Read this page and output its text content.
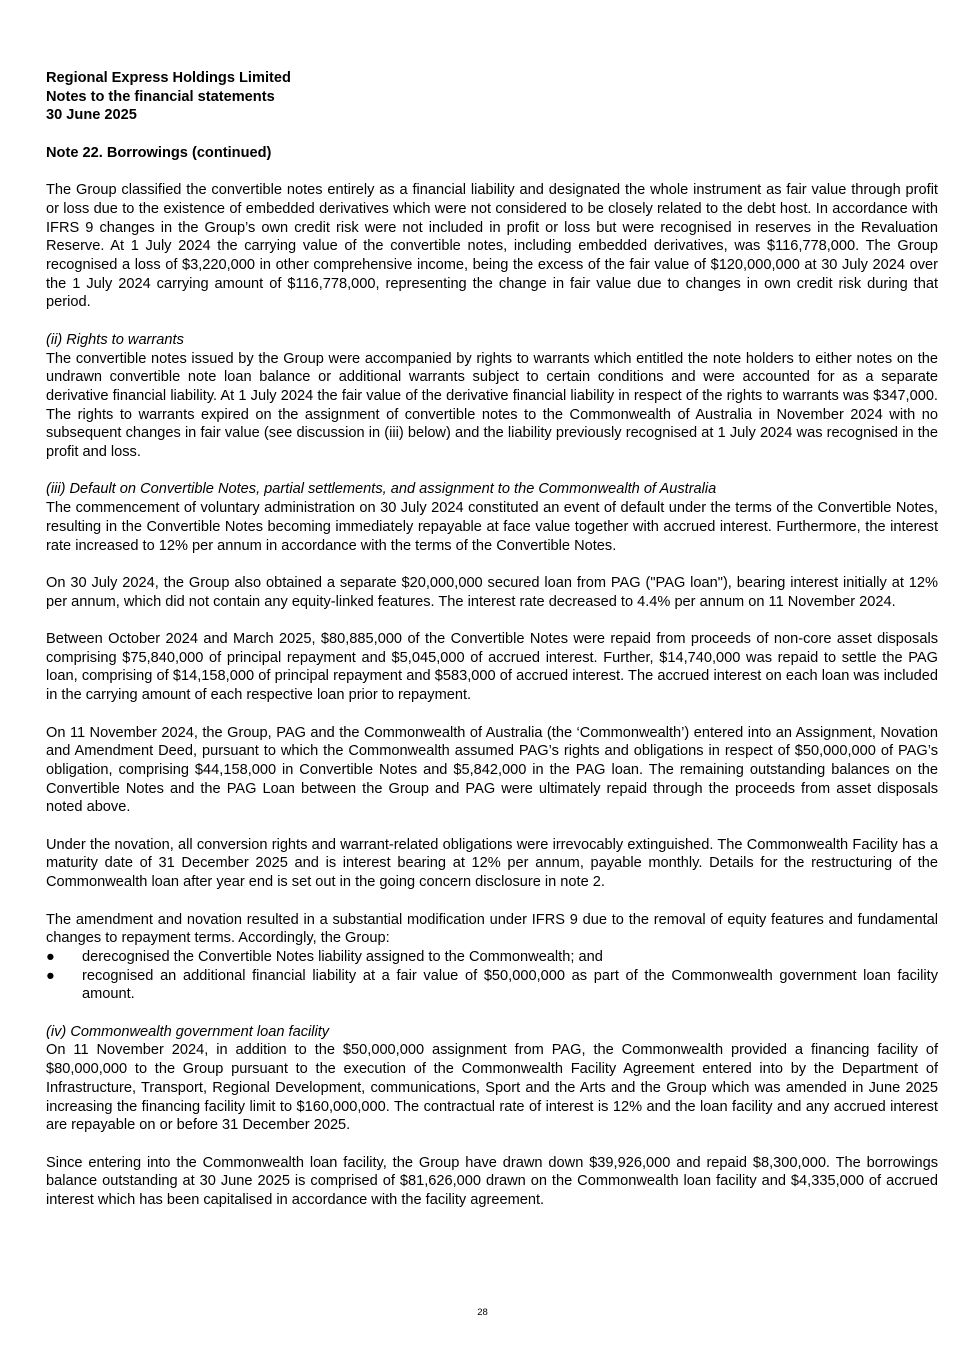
Regional Express Holdings Limited
Notes to the financial statements
30 June 2025
Note 22. Borrowings (continued)

The Group classified the convertible notes entirely as a financial liability and designated the whole instrument as fair value through profit or loss due to the existence of embedded derivatives which were not considered to be closely related to the debt host. In accordance with IFRS 9 changes in the Group’s own credit risk were not included in profit or loss but were recognised in reserves in the Revaluation Reserve. At 1 July 2024 the carrying value of the convertible notes, including embedded derivatives, was $116,778,000. The Group recognised a loss of $3,220,000 in other comprehensive income, being the excess of the fair value of $120,000,000 at 30 July 2024 over the 1 July 2024 carrying amount of $116,778,000, representing the change in fair value due to changes in own credit risk during that period.

(ii) Rights to warrants

The convertible notes issued by the Group were accompanied by rights to warrants which entitled the note holders to either notes on the undrawn convertible note loan balance or additional warrants subject to certain conditions and were accounted for as a separate derivative financial liability. At 1 July 2024 the fair value of the derivative financial liability in respect of the rights to warrants was $347,000. The rights to warrants expired on the assignment of convertible notes to the Commonwealth of Australia in November 2024 with no subsequent changes in fair value (see discussion in (iii) below) and the liability previously recognised at 1 July 2024 was recognised in the profit and loss.

(iii) Default on Convertible Notes, partial settlements, and assignment to the Commonwealth of Australia

The commencement of voluntary administration on 30 July 2024 constituted an event of default under the terms of the Convertible Notes, resulting in the Convertible Notes becoming immediately repayable at face value together with accrued interest. Furthermore, the interest rate increased to 12% per annum in accordance with the terms of the Convertible Notes.

On 30 July 2024, the Group also obtained a separate $20,000,000 secured loan from PAG ("PAG loan"), bearing interest initially at 12% per annum, which did not contain any equity-linked features. The interest rate decreased to 4.4% per annum on 11 November 2024.

Between October 2024 and March 2025, $80,885,000 of the Convertible Notes were repaid from proceeds of non-core asset disposals comprising $75,840,000 of principal repayment and $5,045,000 of accrued interest. Further, $14,740,000 was repaid to settle the PAG loan, comprising of $14,158,000 of principal repayment and $583,000 of accrued interest. The accrued interest on each loan was included in the carrying amount of each respective loan prior to repayment.

On 11 November 2024, the Group, PAG and the Commonwealth of Australia (the ‘Commonwealth’) entered into an Assignment, Novation and Amendment Deed, pursuant to which the Commonwealth assumed PAG’s rights and obligations in respect of $50,000,000 of PAG’s obligation, comprising $44,158,000 in Convertible Notes and $5,842,000 in the PAG loan. The remaining outstanding balances on the Convertible Notes and the PAG Loan between the Group and PAG were ultimately repaid through the proceeds from asset disposals noted above.

Under the novation, all conversion rights and warrant-related obligations were irrevocably extinguished. The Commonwealth Facility has a maturity date of 31 December 2025 and is interest bearing at 12% per annum, payable monthly. Details for the restructuring of the Commonwealth loan after year end is set out in the going concern disclosure in note 2.

The amendment and novation resulted in a substantial modification under IFRS 9 due to the removal of equity features and fundamental changes to repayment terms. Accordingly, the Group:

● derecognised the Convertible Notes liability assigned to the Commonwealth; and
● recognised an additional financial liability at a fair value of $50,000,000 as part of the Commonwealth government loan facility amount.
(iv) Commonwealth government loan facility

On 11 November 2024, in addition to the $50,000,000 assignment from PAG, the Commonwealth provided a financing facility of $80,000,000 to the Group pursuant to the execution of the Commonwealth Facility Agreement entered into by the Department of Infrastructure, Transport, Regional Development, communications, Sport and the Arts and the Group which was amended in June 2025 increasing the financing facility limit to $160,000,000. The contractual rate of interest is 12% and the loan facility and any accrued interest are repayable on or before 31 December 2025.

Since entering into the Commonwealth loan facility, the Group have drawn down $39,926,000 and repaid $8,300,000. The borrowings balance outstanding at 30 June 2025 is comprised of $81,626,000 drawn on the Commonwealth loan facility and $4,335,000 of accrued interest which has been capitalised in accordance with the facility agreement.

28
